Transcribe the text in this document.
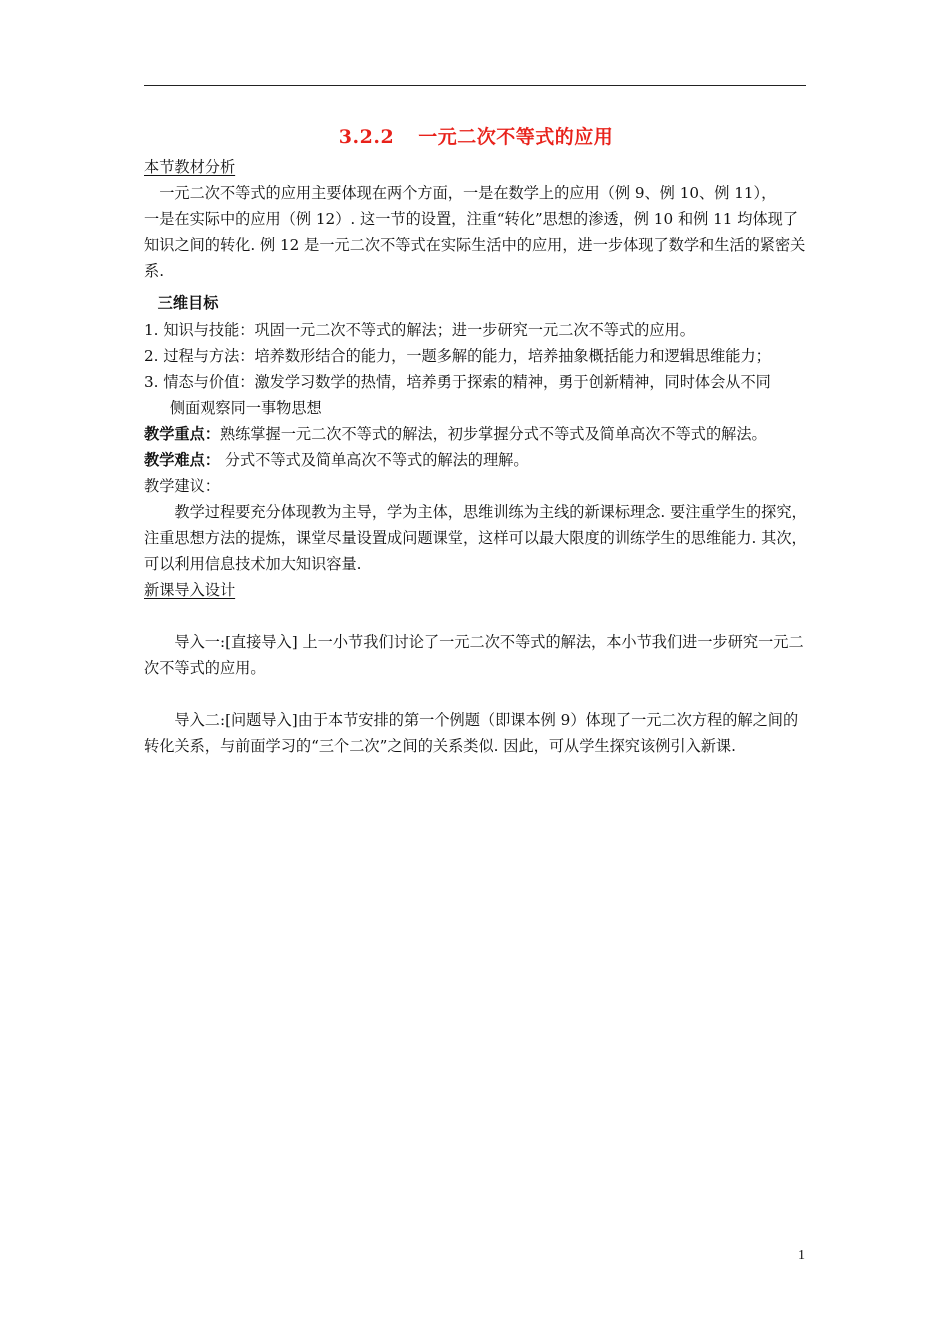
3.2.2 一元二次不等式的应用

本节教材分析

一元二次不等式的应用主要体现在两个方面，一是在数学上的应用（例 9、例 10、例 11），

一是在实际中的应用（例 12）. 这一节的设置，注重“转化”思想的渗透，例 10 和例 11 均体现了知识之间的转化. 例 12 是一元二次不等式在实际生活中的应用，进一步体现了数学和生活的紧密关系.

三维目标

1. 知识与技能：巩固一元二次不等式的解法；进一步研究一元二次不等式的应用。

2. 过程与方法：培养数形结合的能力，一题多解的能力，培养抽象概括能力和逻辑思维能力；

3. 情态与价值：激发学习数学的热情，培养勇于探索的精神，勇于创新精神，同时体会从不同

侧面观察同一事物思想

教学重点：熟练掌握一元二次不等式的解法，初步掌握分式不等式及简单高次不等式的解法。

教学难点： 分式不等式及简单高次不等式的解法的理解。

教学建议：

教学过程要充分体现教为主导，学为主体，思维训练为主线的新课标理念. 要注重学生的探究，注重思想方法的提炼，课堂尽量设置成问题课堂，这样可以最大限度的训练学生的思维能力. 其次，可以利用信息技术加大知识容量.

新课导入设计

导入一:[直接导入] 上一小节我们讨论了一元二次不等式的解法，本小节我们进一步研究一元二次不等式的应用。

导入二:[问题导入]由于本节安排的第一个例题（即课本例 9）体现了一元二次方程的解之间的转化关系，与前面学习的“三个二次”之间的关系类似. 因此，可从学生探究该例引入新课.

1
